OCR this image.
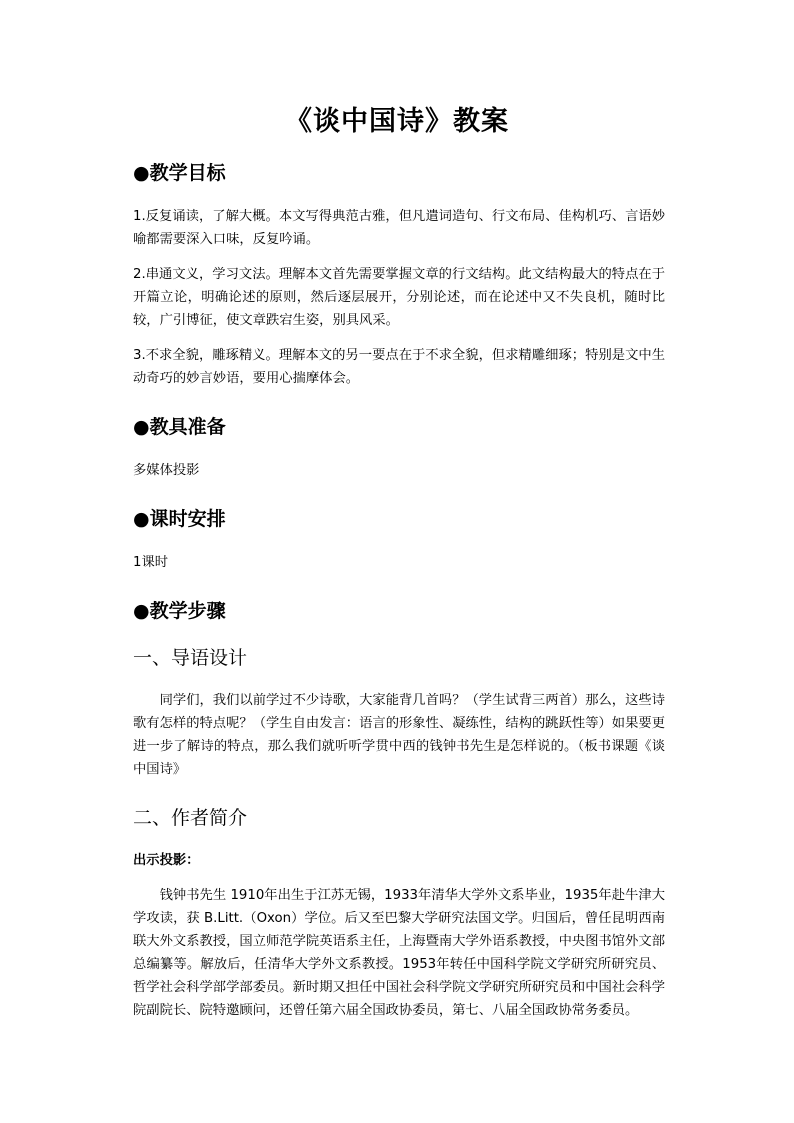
《谈中国诗》教案
●教学目标

1.反复诵读，了解大概。本文写得典范古雅，但凡遣词造句、行文布局、佳构机巧、言语妙喻都需要深入口味，反复吟诵。

2.串通文义，学习文法。理解本文首先需要掌握文章的行文结构。此文结构最大的特点在于开篇立论，明确论述的原则，然后逐层展开，分别论述，而在论述中又不失良机，随时比较，广引博征，使文章跌宕生姿，别具风采。

3.不求全貌，雕琢精义。理解本文的另一要点在于不求全貌，但求精雕细琢；特别是文中生动奇巧的妙言妙语，要用心揣摩体会。

●教具准备

多媒体投影

●课时安排

1课时

●教学步骤
一、导语设计

同学们，我们以前学过不少诗歌，大家能背几首吗？（学生试背三两首）那么，这些诗歌有怎样的特点呢？（学生自由发言：语言的形象性、凝练性，结构的跳跃性等）如果要更进一步了解诗的特点，那么我们就听听学贯中西的钱钟书先生是怎样说的。（板书课题《谈中国诗》

二、作者简介

出示投影：

钱钟书先生 1910年出生于江苏无锡，1933年清华大学外文系毕业，1935年赴牛津大学攻读，获 B.Litt.（Oxon）学位。后又至巴黎大学研究法国文学。归国后，曾任昆明西南联大外文系教授，国立师范学院英语系主任，上海暨南大学外语系教授，中央图书馆外文部总编纂等。解放后，任清华大学外文系教授。1953年转任中国科学院文学研究所研究员、哲学社会科学部学部委员。新时期又担任中国社会科学院文学研究所研究员和中国社会科学院副院长、院特邀顾问，还曾任第六届全国政协委员，第七、八届全国政协常务委员。
